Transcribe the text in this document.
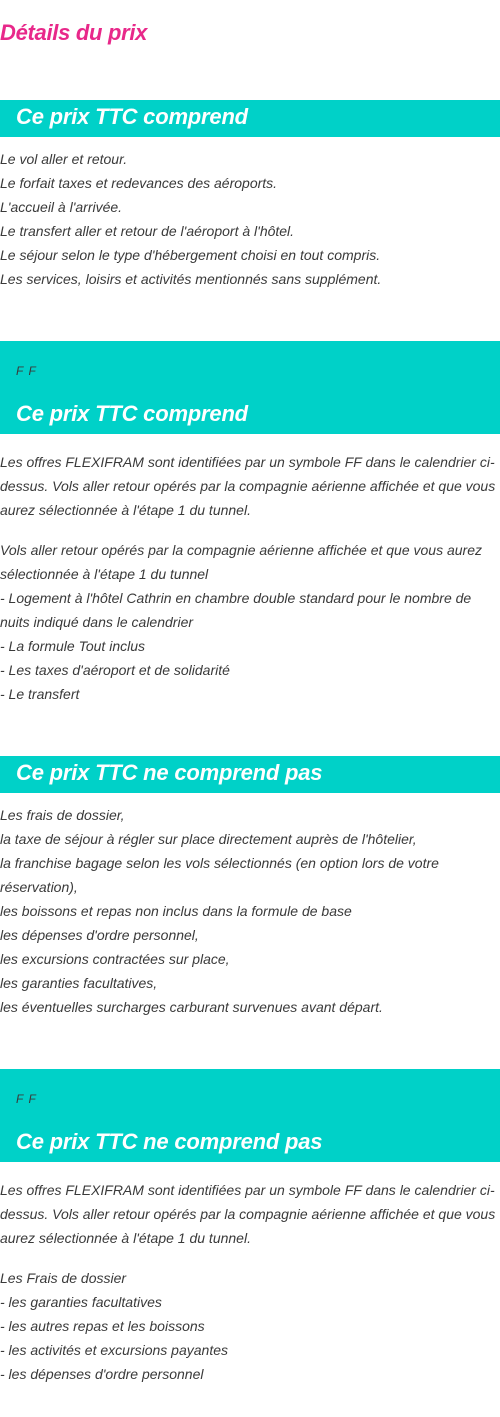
Détails du prix
Ce prix TTC comprend
Le vol aller et retour.
Le forfait taxes et redevances des aéroports.
L'accueil à l'arrivée.
Le transfert aller et retour de l'aéroport à l'hôtel.
Le séjour selon le type d'hébergement choisi en tout compris.
Les services, loisirs et activités mentionnés sans supplément.
F F
Ce prix TTC comprend

Les offres FLEXIFRAM sont identifiées par un symbole FF dans le calendrier ci-dessus. Vols aller retour opérés par la compagnie aérienne affichée et que vous aurez sélectionnée à l'étape 1 du tunnel.

Vols aller retour opérés par la compagnie aérienne affichée et que vous aurez sélectionnée à l'étape 1 du tunnel
- Logement à l'hôtel Cathrin en chambre double standard pour le nombre de nuits indiqué dans le calendrier
- La formule Tout inclus
- Les taxes d'aéroport et de solidarité
- Le transfert
Ce prix TTC ne comprend pas
Les frais de dossier,
la taxe de séjour à régler sur place directement auprès de l'hôtelier,
la franchise bagage selon les vols sélectionnés (en option lors de votre réservation),
les boissons et repas non inclus dans la formule de base
les dépenses d'ordre personnel,
les excursions contractées sur place,
les garanties facultatives,
les éventuelles surcharges carburant survenues avant départ.
F F
Ce prix TTC ne comprend pas

Les offres FLEXIFRAM sont identifiées par un symbole FF dans le calendrier ci-dessus. Vols aller retour opérés par la compagnie aérienne affichée et que vous aurez sélectionnée à l'étape 1 du tunnel.

Les Frais de dossier
- les garanties facultatives
- les autres repas et les boissons
- les activités et excursions payantes
- les dépenses d'ordre personnel
